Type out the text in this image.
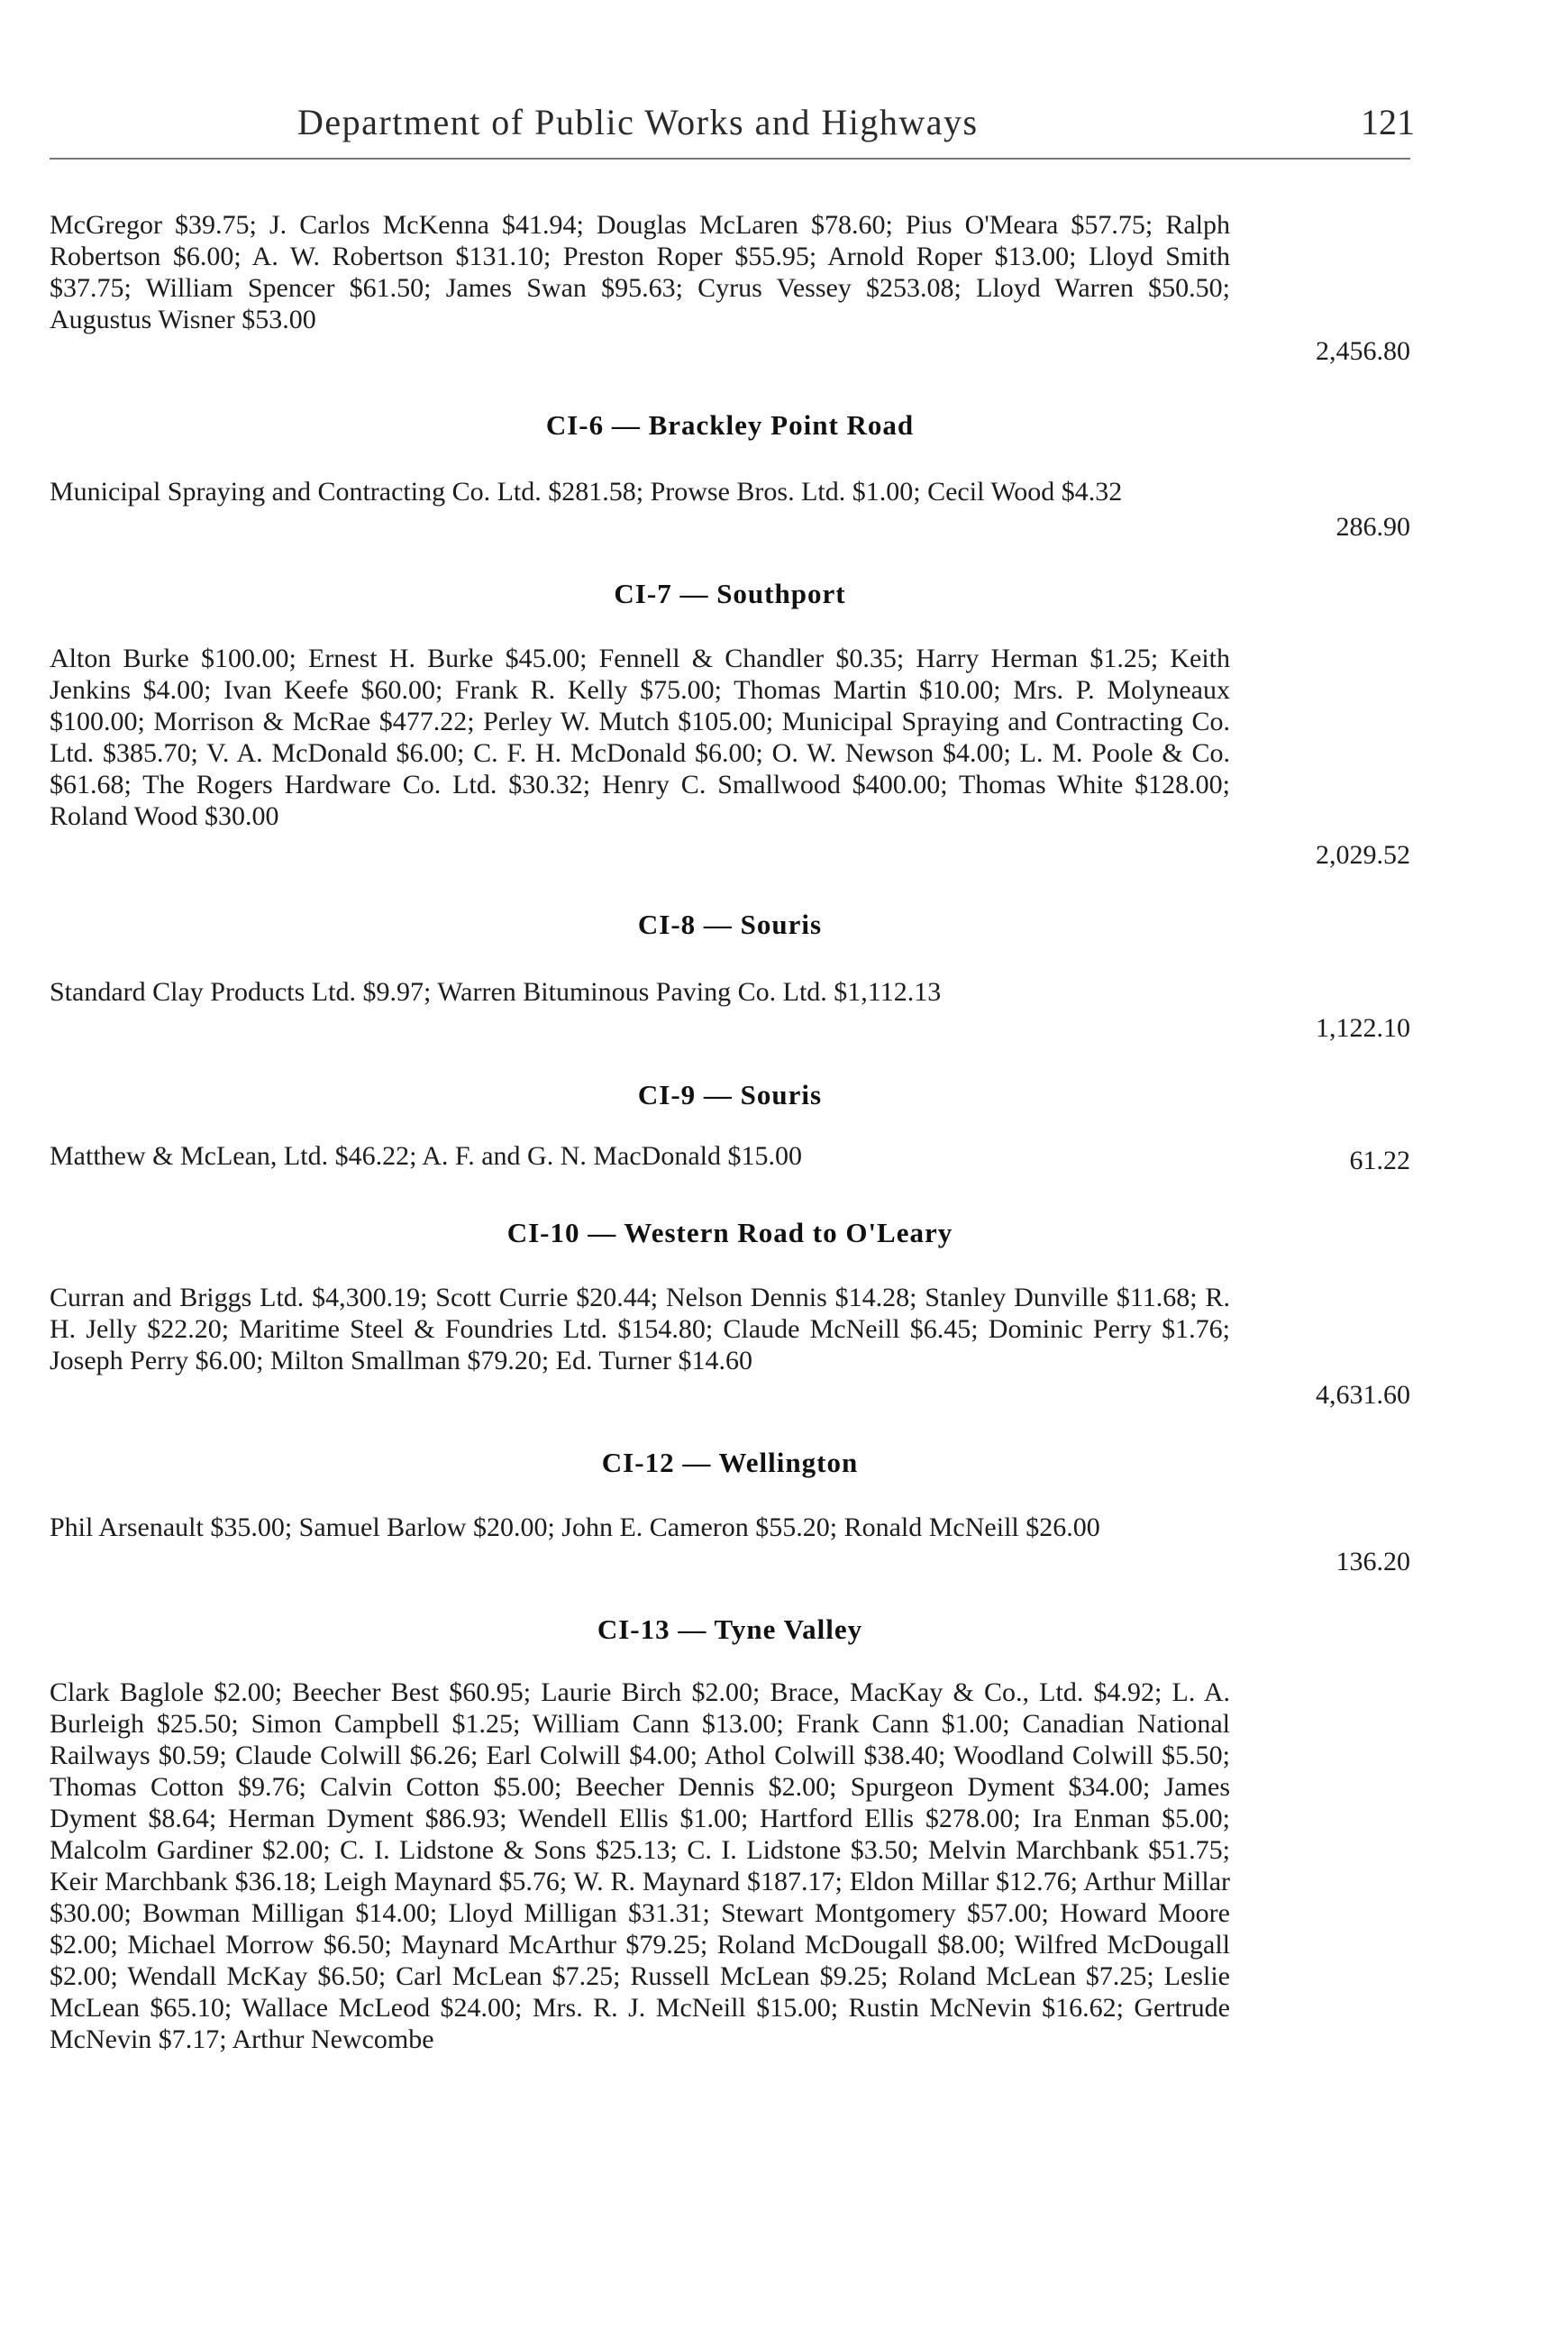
Department of Public Works and Highways	121
McGregor $39.75; J. Carlos McKenna $41.94; Douglas McLaren $78.60; Pius O'Meara $57.75; Ralph Robertson $6.00; A. W. Robertson $131.10; Preston Roper $55.95; Arnold Roper $13.00; Lloyd Smith $37.75; William Spencer $61.50; James Swan $95.63; Cyrus Vessey $253.08; Lloyd Warren $50.50; Augustus Wisner $53.00
2,456.80
CI-6 — Brackley Point Road
Municipal Spraying and Contracting Co. Ltd. $281.58; Prowse Bros. Ltd. $1.00; Cecil Wood $4.32
286.90
CI-7 — Southport
Alton Burke $100.00; Ernest H. Burke $45.00; Fennell & Chandler $0.35; Harry Herman $1.25; Keith Jenkins $4.00; Ivan Keefe $60.00; Frank R. Kelly $75.00; Thomas Martin $10.00; Mrs. P. Molyneaux $100.00; Morrison & McRae $477.22; Perley W. Mutch $105.00; Municipal Spraying and Contracting Co. Ltd. $385.70; V. A. McDonald $6.00; C. F. H. McDonald $6.00; O. W. Newson $4.00; L. M. Poole & Co. $61.68; The Rogers Hardware Co. Ltd. $30.32; Henry C. Smallwood $400.00; Thomas White $128.00; Roland Wood $30.00
2,029.52
CI-8 — Souris
Standard Clay Products Ltd. $9.97; Warren Bituminous Paving Co. Ltd. $1,112.13
1,122.10
CI-9 — Souris
Matthew & McLean, Ltd. $46.22; A. F. and G. N. MacDonald $15.00	61.22
CI-10 — Western Road to O'Leary
Curran and Briggs Ltd. $4,300.19; Scott Currie $20.44; Nelson Dennis $14.28; Stanley Dunville $11.68; R. H. Jelly $22.20; Maritime Steel & Foundries Ltd. $154.80; Claude McNeill $6.45; Dominic Perry $1.76; Joseph Perry $6.00; Milton Smallman $79.20; Ed. Turner $14.60
4,631.60
CI-12 — Wellington
Phil Arsenault $35.00; Samuel Barlow $20.00; John E. Cameron $55.20; Ronald McNeill $26.00
136.20
CI-13 — Tyne Valley
Clark Baglole $2.00; Beecher Best $60.95; Laurie Birch $2.00; Brace, MacKay & Co., Ltd. $4.92; L. A. Burleigh $25.50; Simon Campbell $1.25; William Cann $13.00; Frank Cann $1.00; Canadian National Railways $0.59; Claude Colwill $6.26; Earl Colwill $4.00; Athol Colwill $38.40; Woodland Colwill $5.50; Thomas Cotton $9.76; Calvin Cotton $5.00; Beecher Dennis $2.00; Spurgeon Dyment $34.00; James Dyment $8.64; Herman Dyment $86.93; Wendell Ellis $1.00; Hartford Ellis $278.00; Ira Enman $5.00; Malcolm Gardiner $2.00; C. I. Lidstone & Sons $25.13; C. I. Lidstone $3.50; Melvin Marchbank $51.75; Keir Marchbank $36.18; Leigh Maynard $5.76; W. R. Maynard $187.17; Eldon Millar $12.76; Arthur Millar $30.00; Bowman Milligan $14.00; Lloyd Milligan $31.31; Stewart Montgomery $57.00; Howard Moore $2.00; Michael Morrow $6.50; Maynard McArthur $79.25; Roland McDougall $8.00; Wilfred McDougall $2.00; Wendall McKay $6.50; Carl McLean $7.25; Russell McLean $9.25; Roland McLean $7.25; Leslie McLean $65.10; Wallace McLeod $24.00; Mrs. R. J. McNeill $15.00; Rustin McNevin $16.62; Gertrude McNevin $7.17; Arthur Newcombe
